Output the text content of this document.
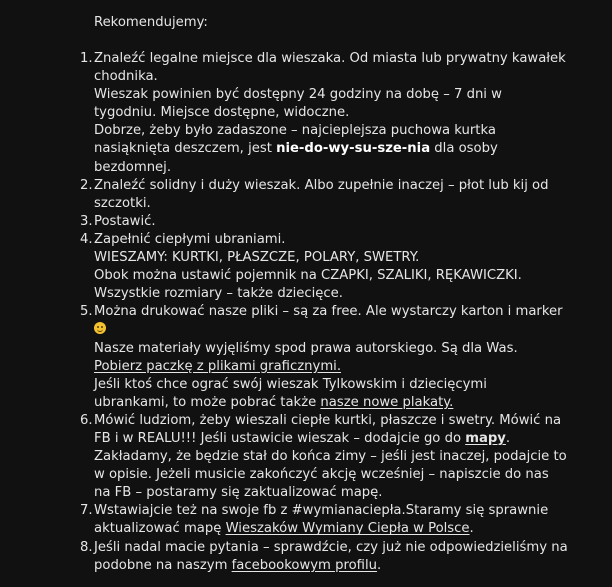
Rekomendujemy:

1. Znaleźć legalne miejsce dla wieszaka. Od miasta lub prywatny kawałek
chodnika.
Wieszak powinien być dostępny 24 godziny na dobę – 7 dni w
tygodniu. Miejsce dostępne, widoczne.
Dobrze, żeby było zadaszone – najcieplejsza puchowa kurtka
nasiąknięta deszczem, jest nie-do-wy-su-sze-nia dla osoby
bezdomnej.
2. Znaleźć solidny i duży wieszak. Albo zupełnie inaczej – płot lub kij od
szczotki.
3. Postawić.
4. Zapełnić ciepłymi ubraniami.
WIESZAMY: KURTKI, PŁASZCZE, POLARY, SWETRY.
Obok można ustawić pojemnik na CZAPKI, SZALIKI, RĘKAWICZKI.
Wszystkie rozmiary – także dziecięce.
5. Można drukować nasze pliki – są za free. Ale wystarczy karton i marker
Nasze materiały wyjęliśmy spod prawa autorskiego. Są dla Was.
Pobierz paczkę z plikami graficznymi.
Jeśli ktoś chce ograć swój wieszak Tylkowskim i dziecięcymi
ubrankami, to może pobrać także nasze nowe plakaty.
6. Mówić ludziom, żeby wieszali ciepłe kurtki, płaszcze i swetry. Mówić na
FB i w REALU!!! Jeśli ustawicie wieszak – dodajcie go do mapy.
Zakładamy, że będzie stał do końca zimy – jeśli jest inaczej, podajcie to
w opisie. Jeżeli musicie zakończyć akcję wcześniej – napiszcie do nas
na FB – postaramy się zaktualizować mapę.
7. Wstawiajcie też na swoje fb z #wymianaciepła.Staramy się sprawnie
aktualizować mapę Wieszaków Wymiany Ciepła w Polsce.
8. Jeśli nadal macie pytania – sprawdźcie, czy już nie odpowiedzieliśmy na
podobne na naszym facebookowym profilu.
